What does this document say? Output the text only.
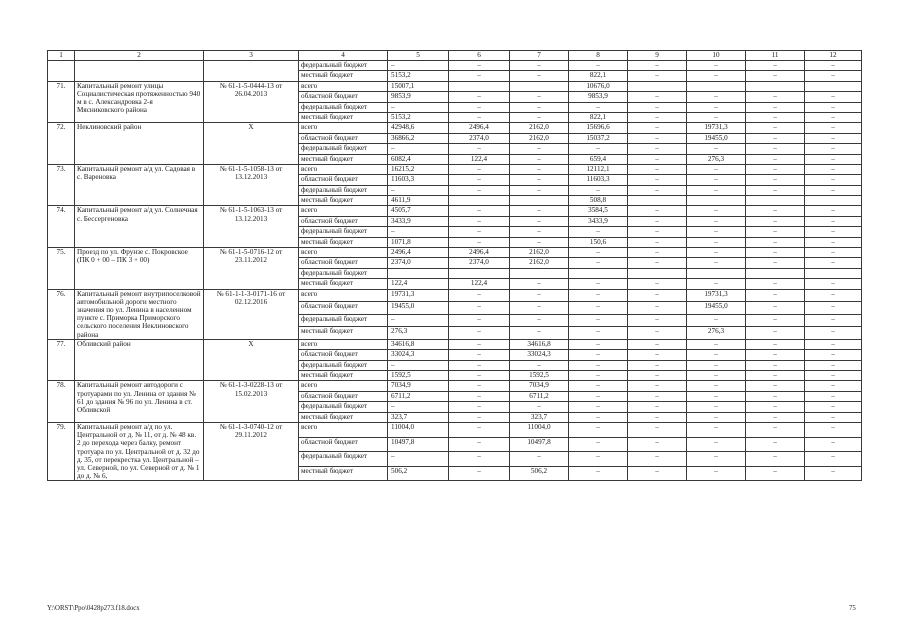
1	2	3	4	5	6	7	8	9	10	11	12
			федеральный бюджет	–	–	–	–	–	–	–	–
			местный бюджет	5153,2	–	–	822,1	–	–	–	–
71.	Капитальный ремонт улицы Социалистическая протяженностью 940 м в с. Александровка 2-я Мясниковского района	№ 61-1-5-0444-13 от 26.04.2013	всего	15007,1			10676,0				
			областной бюджет	9853,9	–	–	9853,9	–	–	–	–
			федеральный бюджет	–	–	–	–	–	–	–	–
			местный бюджет	5153,2	–	–	822,1	–	–	–	–
72.	Неклиновский район	Х	всего	42948,6	2496,4	2162,0	15696,6	–	19731,3	–	–
			областной бюджет	36866,2	2374,0	2162,0	15037,2	–	19455,0	–	–
			федеральный бюджет	–	–	–	–	–	–	–	–
			местный бюджет	6082,4	122,4	–	659,4	–	276,3	–	–
73.	Капитальный ремонт а/д ул. Садовая в с. Вареновка	№ 61-1-5-1058-13 от 13.12.2013	всего	16215,2	–	–	12112,1	–	–	–	–
			областной бюджет	11603,3	–	–	11603,3	–	–	–	–
			федеральный бюджет	–	–	–	–	–	–	–	–
			местный бюджет	4611,9			508,8				
74.	Капитальный ремонт а/д ул. Солнечная с. Бессергеновка	№ 61-1-5-1063-13 от 13.12.2013	всего	4505,7	–	–	3584,5	–	–	–	–
			областной бюджет	3433,9	–	–	3433,9	–	–	–	–
			федеральный бюджет	–	–	–	–	–	–	–	–
			местный бюджет	1071,8	–	–	150,6	–	–	–	–
75.	Проезд по ул. Фрунзе с. Покровское (ПК 0 + 00 – ПК 3 + 00)	№ 61-1-5-0716-12 от 23.11.2012	всего	2496,4	2496,4	2162,0	–	–	–	–	–
			областной бюджет	2374,0	2374,0	2162,0	–	–	–	–	–
			федеральный бюджет								
			местный бюджет	122,4	122,4	–	–	–	–	–	–
76.	Капитальный ремонт внутрипоселковой автомобильной дороги местного значения по ул. Ленина в населенном пункте с. Приморка Приморского сельского поселения Неклиновского района	№ 61-1-1-3-0171-16 от 02.12.2016	всего	19731,3	–	–	–	–	19731,3	–	–
			областной бюджет	19455,0	–	–	–	–	19455,0	–	–
			федеральный бюджет	–	–	–	–	–	–	–	–
			местный бюджет	276,3	–	–	–	–	276,3	–	–
77.	Обливский район	Х	всего	34616,8	–	34616,8	–	–	–	–	–
			областной бюджет	33024,3	–	33024,3	–	–	–	–	–
			федеральный бюджет	–	–	–	–	–	–	–	–
			местный бюджет	1592,5	–	1592,5	–	–	–	–	–
78.	Капитальный ремонт автодороги с тротуарами по ул. Ленина от здания № 61 до здания № 96 по ул. Ленина в ст. Обливской	№ 61-1-3-0228-13 от 15.02.2013	всего	7034,9	–	7034,9	–	–	–	–	–
			областной бюджет	6711,2	–	6711,2	–	–	–	–	–
			федеральный бюджет	–	–	–	–	–	–	–	–
			местный бюджет	323,7	–	323,7	–	–	–	–	–
79.	Капитальный ремонт а/д по ул. Центральной от д. № 11, от д. № 48 кв. 2 до перехода через балку, ремонт тротуара по ул. Центральной от д. 32 до д. 35, от перекрестка ул. Центральной – ул. Северной, по ул. Северной от д. № 1 до д. № 6,	№ 61-1-3-0740-12 от 29.11.2012	всего	11004,0	–	11004,0	–	–	–	–	–
			областной бюджет	10497,8	–	10497,8	–	–	–	–	–
			федеральный бюджет	–	–	–	–	–	–	–	–
			местный бюджет	506,2	–	506,2	–	–	–	–	–
Y:\ORST\Ppo\0428p273.f18.docx	75
